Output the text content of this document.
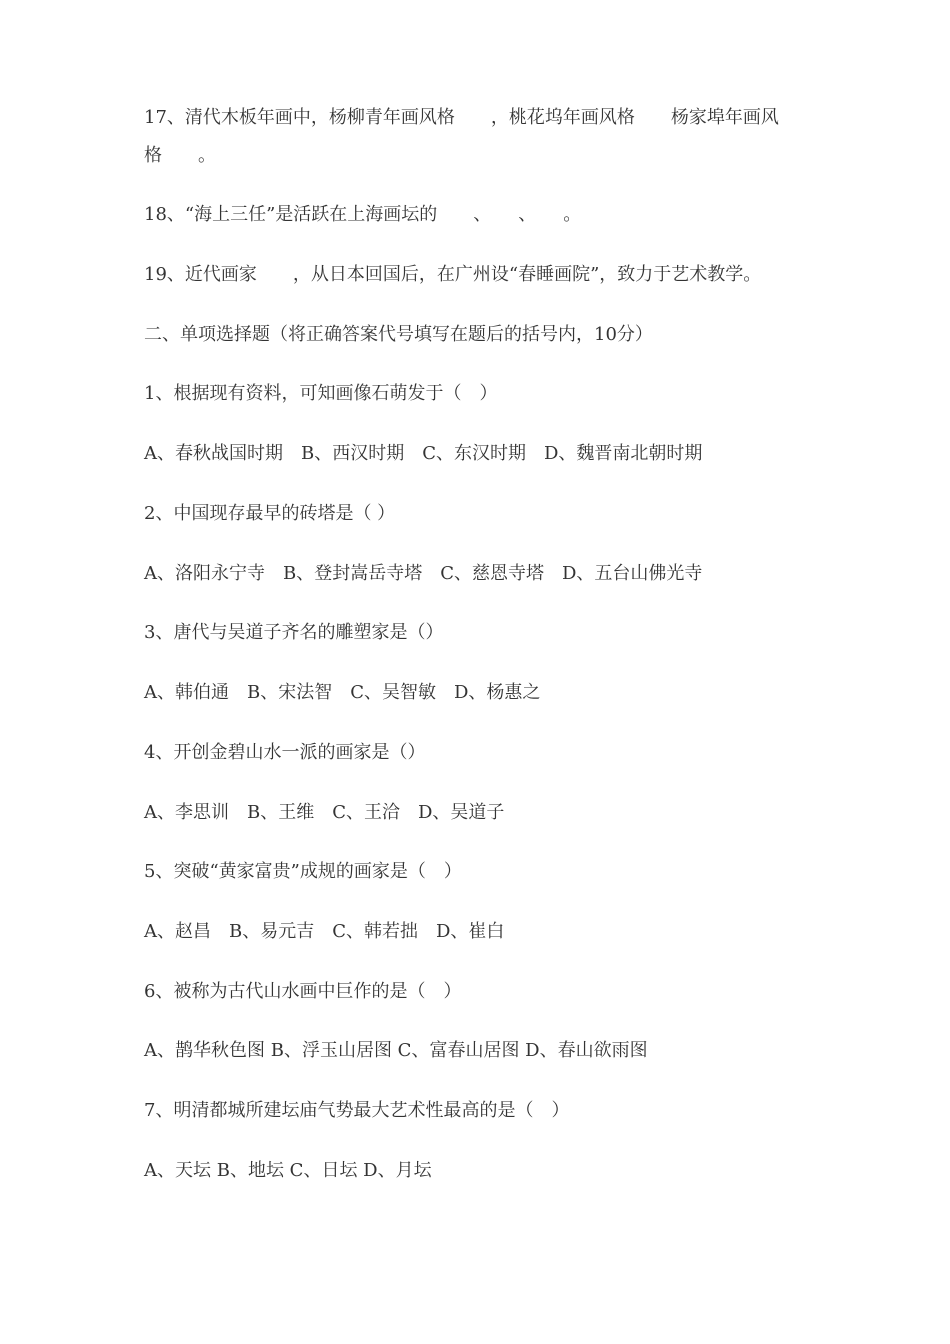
17、清代木板年画中，杨柳青年画风格　　，桃花坞年画风格　　杨家埠年画风

格　　。

18、“海上三任”是活跃在上海画坛的　　、　　、　　。

19、近代画家　　，从日本回国后，在广州设“春睡画院”，致力于艺术教学。

二、单项选择题（将正确答案代号填写在题后的括号内，10分）

1、根据现有资料，可知画像石萌发于（　）

A、春秋战国时期　B、西汉时期　C、东汉时期　D、魏晋南北朝时期

2、中国现存最早的砖塔是（ ）

A、洛阳永宁寺　B、登封嵩岳寺塔　C、慈恩寺塔　D、五台山佛光寺

3、唐代与吴道子齐名的雕塑家是（）

A、韩伯通　B、宋法智　C、吴智敏　D、杨惠之

4、开创金碧山水一派的画家是（）

A、李思训　B、王维　C、王洽　D、吴道子

5、突破“黄家富贵”成规的画家是（　）

A、赵昌　B、易元吉　C、韩若拙　D、崔白

6、被称为古代山水画中巨作的是（　）

A、鹊华秋色图 B、浮玉山居图 C、富春山居图 D、春山欲雨图

7、明清都城所建坛庙气势最大艺术性最高的是（　）

A、天坛 B、地坛 C、日坛 D、月坛
